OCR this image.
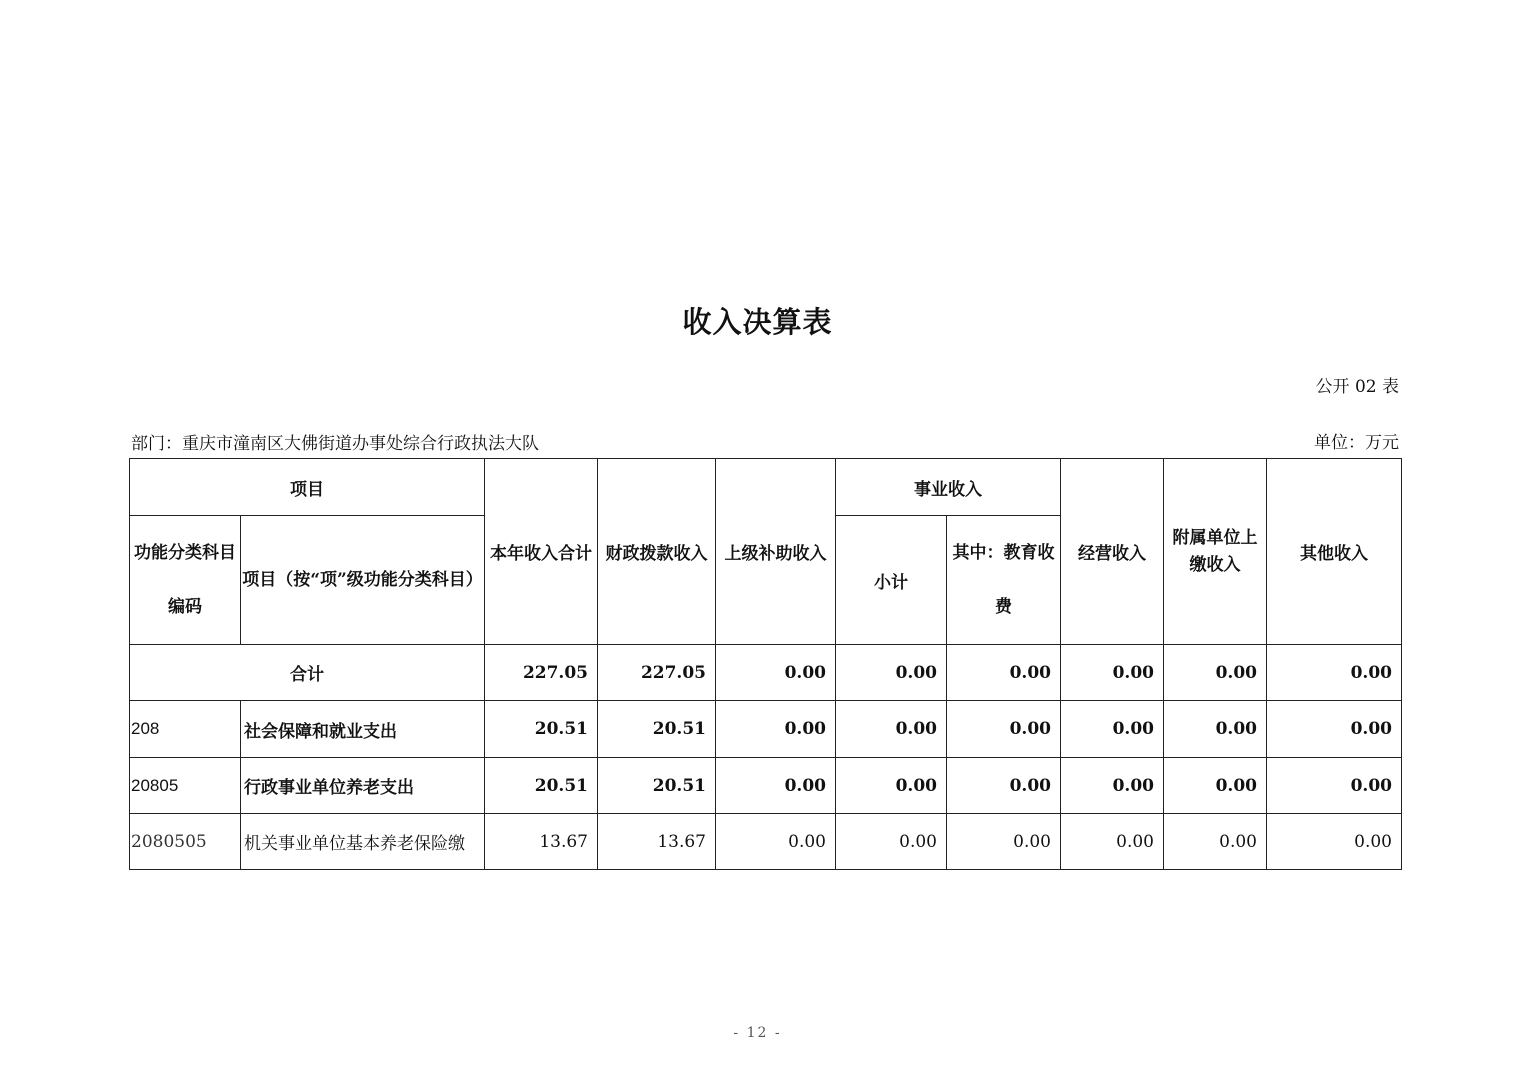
收入决算表
公开 02 表
部门：重庆市潼南区大佛街道办事处综合行政执法大队	单位：万元
项目		本年收入合计	财政拨款收入	上级补助收入	事业收入		经营收入	附属单位上缴收入	其他收入
功能分类科目编码	项目（按“项”级功能分类科目）				小计	其中：教育收费			
合计		227.05	227.05	0.00	0.00	0.00	0.00	0.00	0.00
208	社会保障和就业支出	20.51	20.51	0.00	0.00	0.00	0.00	0.00	0.00
20805	行政事业单位养老支出	20.51	20.51	0.00	0.00	0.00	0.00	0.00	0.00
2080505	机关事业单位基本养老保险缴	13.67	13.67	0.00	0.00	0.00	0.00	0.00	0.00
- 12 -
